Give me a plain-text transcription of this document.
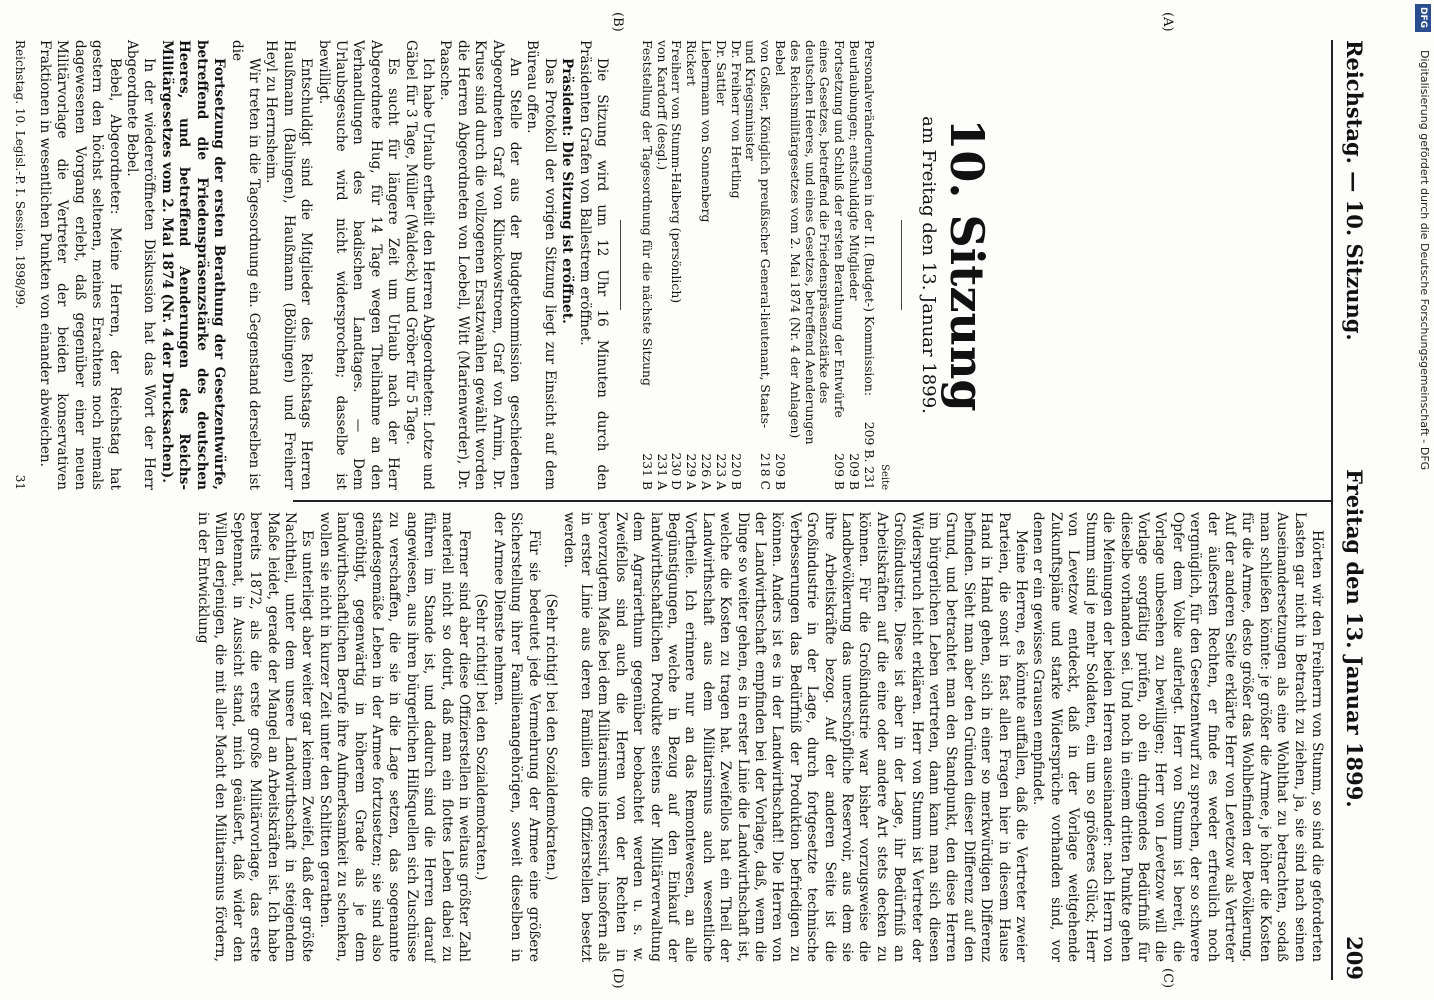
Reichstag. — 10. Sitzung.
Freitag den 13. Januar 1899.
209
10. Sitzung
am Freitag den 13. Januar 1899.
Seite
Personalveränderungen in der II. (Budget-) Kommission:
209 B. 231
Beurlaubungen; entschuldigte Mitglieder
209 B
Fortsetzung und Schluß der ersten Berathung der Entwürfe eines Gesetzes, betreffend die Friedenspräsenzstärke des deutschen Heeres, und eines Gesetzes, betreffend Aenderungen des Reichsmilitärgesetzes vom 2. Mai 1874 (Nr. 4 der Anlagen)
209 B
Bebel
209 B
von Goßler, Königlich preußischer General-lieutenant, Staats- und Kriegsminister
218 C
Dr. Freiherr von Hertling
220 B
Dr. Sattler
223 A
Liebermann von Sonnenberg
226 A
Rickert
229 A
Freiherr von Stumm-Halberg (persönlich)
230 D
von Kardorff (desgl.)
231 A
Feststellung der Tagesordnung für die nächste Sitzung
231 B

Die Sitzung wird um 12 Uhr 16 Minuten durch den Präsidenten Grafen von Ballestrem eröffnet.

Präsident: Die Sitzung ist eröffnet.

Das Protokoll der vorigen Sitzung liegt zur Einsicht auf dem Büreau offen.

An Stelle der aus der Budgetkommission geschiedenen Abgeordneten Graf von Klinckowstroem, Graf von Arnim, Dr. Kruse sind durch die vollzogenen Ersatzwahlen gewählt worden die Herren Abgeordneten von Loebell, Witt (Marienwerder), Dr. Paasche.

Ich habe Urlaub ertheilt den Herren Abgeordneten: Lotze und Gäbel für 3 Tage, Müller (Waldeck) und Gröber für 5 Tage.

Es sucht für längere Zeit um Urlaub nach der Herr Abgeordnete Hug, für 14 Tage wegen Theilnahme an den Verhandlungen des badischen Landtages. — Dem Urlaubsgesuche wird nicht widersprochen; dasselbe ist bewilligt.

Entschuldigt sind die Mitglieder des Reichstags Herren Haußmann (Balingen), Haußmann (Böblingen) und Freiherr Heyl zu Herrnsheim.

Wir treten in die Tagesordnung ein. Gegenstand derselben ist die

Fortsetzung der ersten Berathung der Gesetzentwürfe, betreffend die Friedenspräsenzstärke des deutschen Heeres, und betreffend Aenderungen des Reichs-Militärgesetzes vom 2. Mai 1874 (Nr. 4 der Drucksachen).

In der wiedereröffneten Diskussion hat das Wort der Herr Abgeordnete Bebel.

Bebel, Abgeordneter: Meine Herren, der Reichstag hat gestern den höchst seltenen, meines Erachtens noch niemals dagewesenen Vorgang erlebt, daß gegenüber einer neuen Militärvorlage die Vertreter der beiden konservativen Fraktionen in wesentlichen Punkten von einander abweichen.

Reichstag. 10. Legisl.-P. I. Session. 1898/99.
31

Hörten wir den Freiherrn von Stumm, so sind die geforderten Lasten gar nicht in Betracht zu ziehen, ja, sie sind nach seinen Auseinandersetzungen als eine Wohlthat zu betrachten, sodaß man schließen könnte: je größer die Armee, je höher die Kosten für die Armee, desto größer das Wohlbefinden der Bevölkerung. Auf der anderen Seite erklärte Herr von Levetzow als Vertreter der äußersten Rechten, er finde es weder erfreulich noch vergnüglich, für den Gesetzentwurf zu sprechen, der so schwere Opfer dem Volke auferlegt. Herr von Stumm ist bereit, die Vorlage unbesehen zu bewilligen; Herr von Levetzow will die Vorlage sorgfältig prüfen, ob ein dringendes Bedürfniß für dieselbe vorhanden sei. Und noch in einem dritten Punkte gehen die Meinungen der beiden Herren auseinander: nach Herrn von Stumm sind je mehr Soldaten, ein um so größeres Glück; Herr von Levetzow entdeckt, daß in der Vorlage weitgehende Zukunftspläne und starke Widersprüche vorhanden sind, vor denen er ein gewisses Grausen empfindet.

Meine Herren, es könnte auffallen, daß die Vertreter zweier Parteien, die sonst in fast allen Fragen hier in diesem Hause Hand in Hand gehen, sich in einer so merkwürdigen Differenz befinden. Sieht man aber den Gründen dieser Differenz auf den Grund, und betrachtet man den Standpunkt, den diese Herren im bürgerlichen Leben vertreten, dann kann man sich diesen Widerspruch leicht erklären. Herr von Stumm ist Vertreter der Großindustrie. Diese ist aber in der Lage, ihr Bedürfniß an Arbeitskräften auf die eine oder andere Art stets decken zu können. Für die Großindustrie war bisher vorzugsweise die Landbevölkerung das unerschöpfliche Reservoir, aus dem sie ihre Arbeitskräfte bezog. Auf der anderen Seite ist die Großindustrie in der Lage, durch fortgesetzte technische Verbesserungen das Bedürfniß der Produktion befriedigen zu können. Anders ist es in der Landwirthschaft! Die Herren von der Landwirthschaft empfinden bei der Vorlage, daß, wenn die Dinge so weiter gehen, es in erster Linie die Landwirthschaft ist, welche die Kosten zu tragen hat. Zweifellos hat ein Theil der Landwirthschaft aus dem Militarismus auch wesentliche Vortheile. Ich erinnere nur an das Remontewesen, an alle Begünstigungen, welche in Bezug auf den Einkauf der landwirthschaftlichen Produkte seitens der Militärverwaltung dem Agrarierthum gegenüber beobachtet werden u. s. w. Zweifellos sind auch die Herren von der Rechten in bevorzugtem Maße bei dem Militarismus interessirt, insofern als in erster Linie aus deren Familien die Offizierstellen besetzt werden.

(Sehr richtig! bei den Sozialdemokraten.)

Für sie bedeutet jede Vermehrung der Armee eine größere Sicherstellung ihrer Familienangehörigen, soweit dieselben in der Armee Dienste nehmen.

(Sehr richtig! bei den Sozialdemokraten.)

Ferner sind aber diese Offizierstellen in weitaus größter Zahl materiell nicht so dotirt, daß man ein flottes Leben dabei zu führen im Stande ist, und dadurch sind die Herren darauf angewiesen, aus ihren bürgerlichen Hilfsquellen sich Zuschüsse zu verschaffen, die sie in die Lage setzen, das sogenannte standesgemäße Leben in der Armee fortzusetzen; sie sind also genöthigt, gegenwärtig in höherem Grade als je dem landwirthschaftlichen Berufe ihre Aufmerksamkeit zu schenken, wollen sie nicht in kurzer Zeit unter den Schlitten gerathen.

Es unterliegt aber weiter gar keinem Zweifel, daß der größte Nachtheil, unter dem unsere Landwirthschaft in steigendem Maße leidet, gerade der Mangel an Arbeitskräften ist. Ich habe bereits 1872, als die erste große Militärvorlage, das erste Septennat, in Aussicht stand, mich geäußert, daß wider den Willen derjenigen, die mit aller Macht den Militarismus fördern, in der Entwicklung

(A)
(B)
(C)
(D)
DFG
Digitalisierung gefördert durch die Deutsche Forschungsgemeinschaft - DFG
